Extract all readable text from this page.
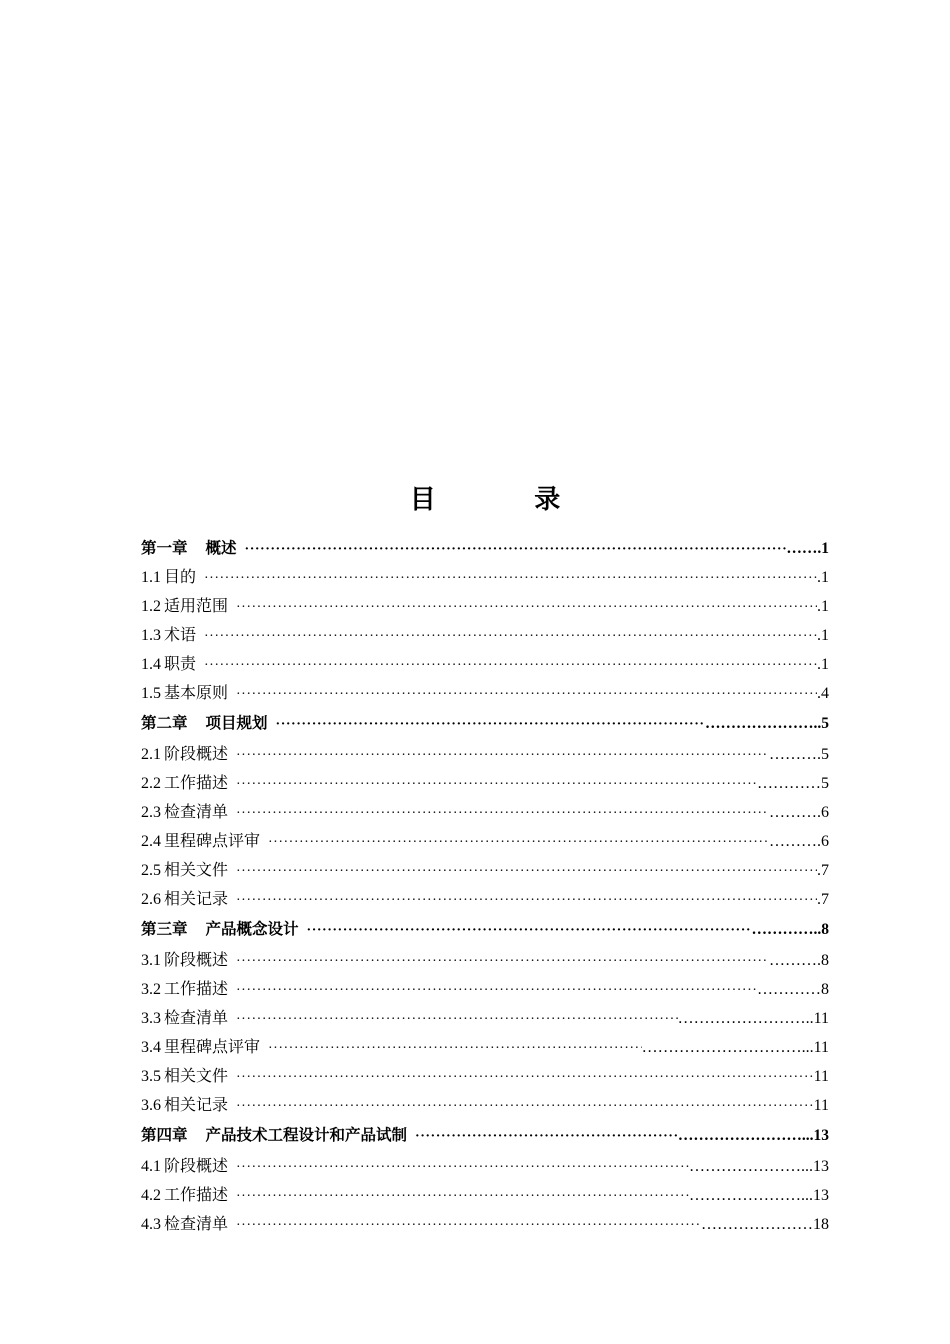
目 录
第一章 概述 ·····	…….1
1.1 目的 ·····	.1
1.2 适用范围 ·····	.1
1.3 术语 ·····	.1
1.4 职责 ·····	.1
1.5 基本原则 ·····	.4
第二章 项目规划 ·····	…………………..5
2.1 阶段概述 ·····	……….5
2.2 工作描述 ·····	…………5
2.3 检查清单 ·····	……….6
2.4 里程碑点评审 ·····	……….6
2.5 相关文件 ·····	.7
2.6 相关记录 ·····	.7
第三章 产品概念设计 ·····	…………..8
3.1 阶段概述 ·····	……….8
3.2 工作描述 ·····	…………8
3.3 检查清单 ·····	……………………..11
3.4 里程碑点评审 ·····	…………………………...11
3.5 相关文件 ·····	11
3.6 相关记录 ·····	11
第四章 产品技术工程设计和产品试制 ·····	……………………...13
4.1 阶段概述 ·····	…………………...13
4.2 工作描述 ·····	…………………...13
4.3 检查清单 ·····	…………………18
